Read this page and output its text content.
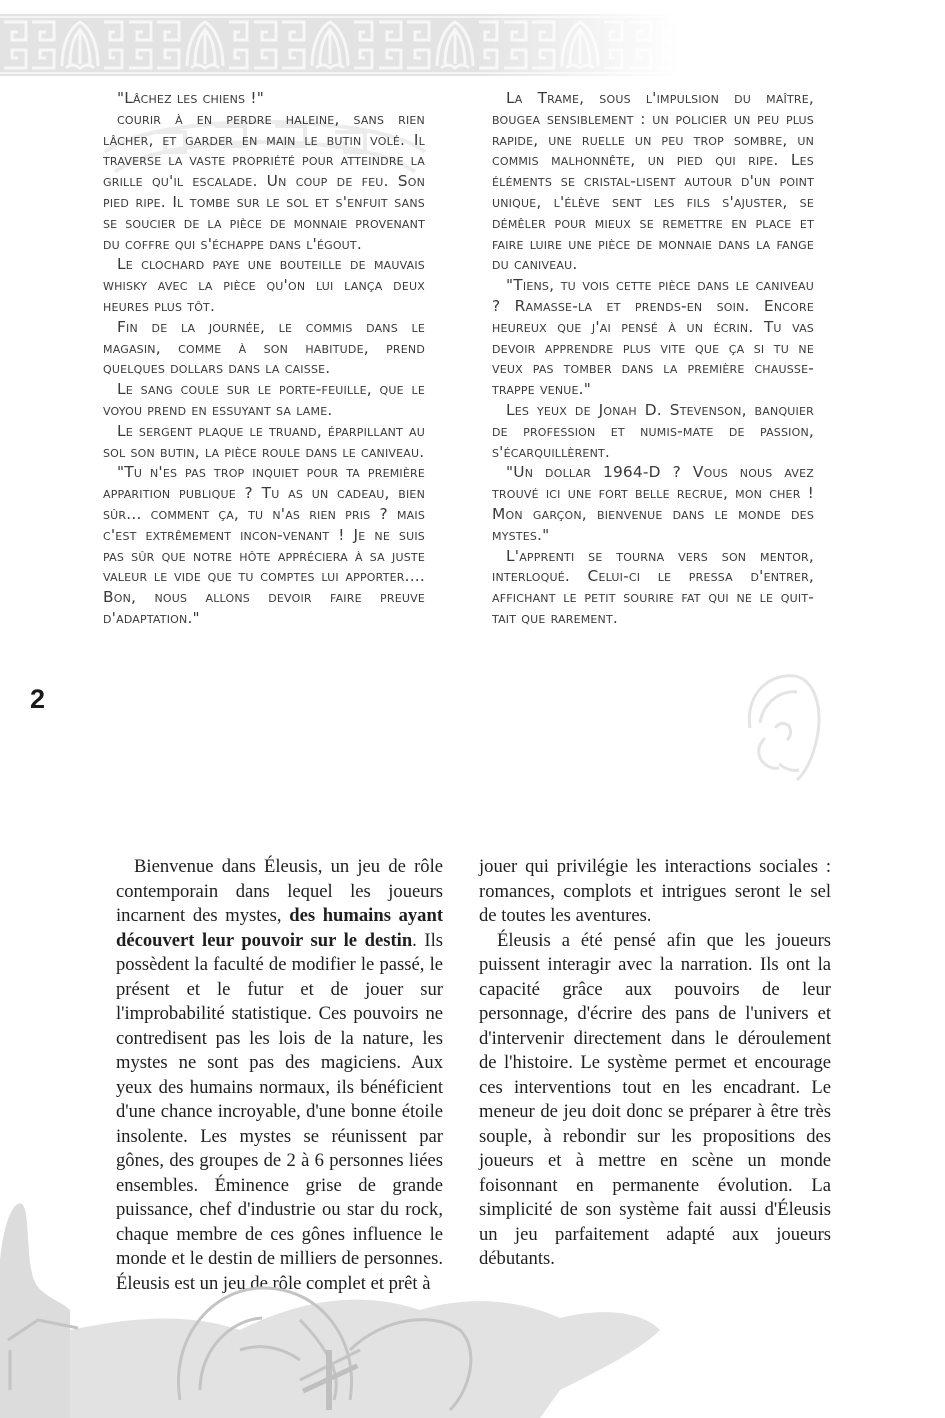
"Lâchez les chiens !"

courir à en perdre haleine, sans rien lâcher, et garder en main le butin volé. Il traverse la vaste propriété pour atteindre la grille qu'il escalade. Un coup de feu. Son pied ripe. Il tombe sur le sol et s'enfuit sans se soucier de la pièce de monnaie provenant du coffre qui s'échappe dans l'égout.

Le clochard paye une bouteille de mauvais whisky avec la pièce qu'on lui lança deux heures plus tôt.

Fin de la journée, le commis dans le magasin, comme à son habitude, prend quelques dollars dans la caisse.

Le sang coule sur le porte-feuille, que le voyou prend en essuyant sa lame.

Le sergent plaque le truand, éparpillant au sol son butin, la pièce roule dans le caniveau.

"Tu n'es pas trop inquiet pour ta première apparition publique ? Tu as un cadeau, bien sûr... comment ça, tu n'as rien pris ? mais c'est extrêmement incon-venant ! Je ne suis pas sûr que notre hôte appréciera à sa juste valeur le vide que tu comptes lui apporter.... Bon, nous allons devoir faire preuve d'adaptation."

La Trame, sous l'impulsion du maître, bougea sensiblement : un policier un peu plus rapide, une ruelle un peu trop sombre, un commis malhonnête, un pied qui ripe. Les éléments se cristal-lisent autour d'un point unique, l'élève sent les fils s'ajuster, se démêler pour mieux se remettre en place et faire luire une pièce de monnaie dans la fange du caniveau.

"Tiens, tu vois cette pièce dans le caniveau ? Ramasse-la et prends-en soin. Encore heureux que j'ai pensé à un écrin. Tu vas devoir apprendre plus vite que ça si tu ne veux pas tomber dans la première chausse-trappe venue."

Les yeux de Jonah D. Stevenson, banquier de profession et numis-mate de passion, s'écarquillèrent.

"Un dollar 1964-D ? Vous nous avez trouvé ici une fort belle recrue, mon cher ! Mon garçon, bienvenue dans le monde des mystes."

L'apprenti se tourna vers son mentor, interloqué. Celui-ci le pressa d'entrer, affichant le petit sourire fat qui ne le quit-tait que rarement.

2

Bienvenue dans Éleusis, un jeu de rôle contemporain dans lequel les joueurs incarnent des mystes, des humains ayant découvert leur pouvoir sur le destin. Ils possèdent la faculté de modifier le passé, le présent et le futur et de jouer sur l'improbabilité statistique. Ces pouvoirs ne contredisent pas les lois de la nature, les mystes ne sont pas des magiciens. Aux yeux des humains normaux, ils bénéficient d'une chance incroyable, d'une bonne étoile insolente. Les mystes se réunissent par gônes, des groupes de 2 à 6 personnes liées ensembles. Éminence grise de grande puissance, chef d'industrie ou star du rock, chaque membre de ces gônes influence le monde et le destin de milliers de personnes. Éleusis est un jeu de rôle complet et prêt à

jouer qui privilégie les interactions sociales : romances, complots et intrigues seront le sel de toutes les aventures.

Éleusis a été pensé afin que les joueurs puissent interagir avec la narration. Ils ont la capacité grâce aux pouvoirs de leur personnage, d'écrire des pans de l'univers et d'intervenir directement dans le déroulement de l'histoire. Le système permet et encourage ces interventions tout en les encadrant. Le meneur de jeu doit donc se préparer à être très souple, à rebondir sur les propositions des joueurs et à mettre en scène un monde foisonnant en permanente évolution. La simplicité de son système fait aussi d'Éleusis un jeu parfaitement adapté aux joueurs débutants.
